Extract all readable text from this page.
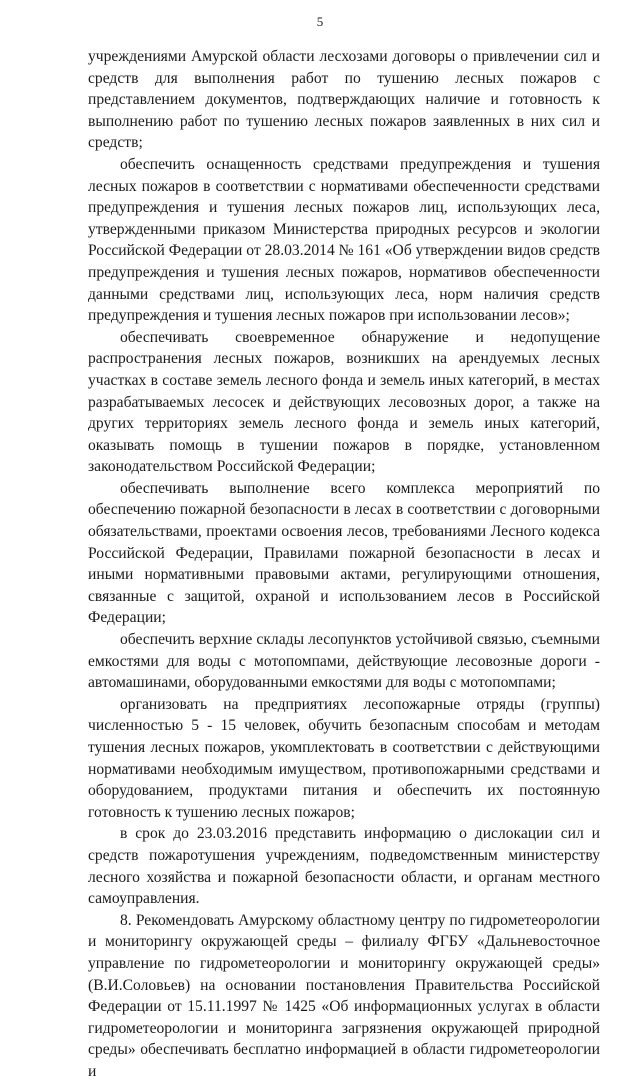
5

учреждениями Амурской области лесхозами договоры о привлечении сил и средств для выполнения работ по тушению лесных пожаров с представлением документов, подтверждающих наличие и готовность к выполнению работ по тушению лесных пожаров заявленных в них сил и средств;

обеспечить оснащенность средствами предупреждения и тушения лесных пожаров в соответствии с нормативами обеспеченности средствами предупреждения и тушения лесных пожаров лиц, использующих леса, утвержденными приказом Министерства природных ресурсов и экологии Российской Федерации от 28.03.2014 № 161 «Об утверждении видов средств предупреждения и тушения лесных пожаров, нормативов обеспеченности данными средствами лиц, использующих леса, норм наличия средств предупреждения и тушения лесных пожаров при использовании лесов»;

обеспечивать своевременное обнаружение и недопущение распространения лесных пожаров, возникших на арендуемых лесных участках в составе земель лесного фонда и земель иных категорий, в местах разрабатываемых лесосек и действующих лесовозных дорог, а также на других территориях земель лесного фонда и земель иных категорий, оказывать помощь в тушении пожаров в порядке, установленном законодательством Российской Федерации;

обеспечивать выполнение всего комплекса мероприятий по обеспечению пожарной безопасности в лесах в соответствии с договорными обязательствами, проектами освоения лесов, требованиями Лесного кодекса Российской Федерации, Правилами пожарной безопасности в лесах и иными нормативными правовыми актами, регулирующими отношения, связанные с защитой, охраной и использованием лесов в Российской Федерации;

обеспечить верхние склады лесопунктов устойчивой связью, съемными емкостями для воды с мотопомпами, действующие лесовозные дороги - автомашинами, оборудованными емкостями для воды с мотопомпами;

организовать на предприятиях лесопожарные отряды (группы) численностью 5 - 15 человек, обучить безопасным способам и методам тушения лесных пожаров, укомплектовать в соответствии с действующими нормативами необходимым имуществом, противопожарными средствами и оборудованием, продуктами питания и обеспечить их постоянную готовность к тушению лесных пожаров;

в срок до 23.03.2016 представить информацию о дислокации сил и средств пожаротушения учреждениям, подведомственным министерству лесного хозяйства и пожарной безопасности области, и органам местного самоуправления.

8. Рекомендовать Амурскому областному центру по гидрометеорологии и мониторингу окружающей среды – филиалу ФГБУ «Дальневосточное управление по гидрометеорологии и мониторингу окружающей среды» (В.И.Соловьев) на основании постановления Правительства Российской Федерации от 15.11.1997 № 1425 «Об информационных услугах в области гидрометеорологии и мониторинга загрязнения окружающей природной среды» обеспечивать бесплатно информацией в области гидрометеорологии и
